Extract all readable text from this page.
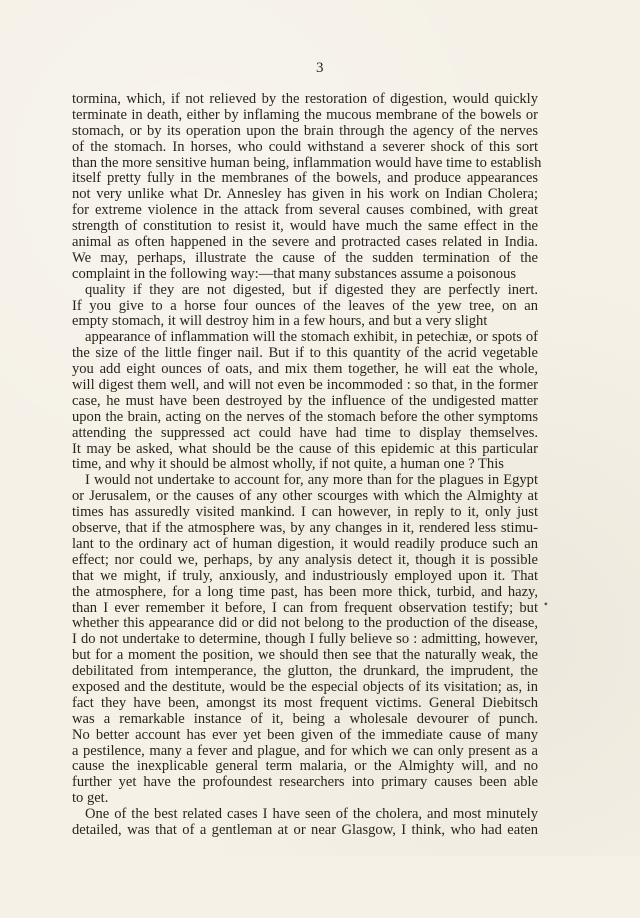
3
tormina, which, if not relieved by the restoration of digestion, would quickly
terminate in death, either by inflaming the mucous membrane of the bowels or
stomach, or by its operation upon the brain through the agency of the nerves
of the stomach. In horses, who could withstand a severer shock of this sort
than the more sensitive human being, inflammation would have time to establish
itself pretty fully in the membranes of the bowels, and produce appearances
not very unlike what Dr. Annesley has given in his work on Indian Cholera;
for extreme violence in the attack from several causes combined, with great
strength of constitution to resist it, would have much the same effect in the
animal as often happened in the severe and protracted cases related in India.
We may, perhaps, illustrate the cause of the sudden termination of the
complaint in the following way:—that many substances assume a poisonous
quality if they are not digested, but if digested they are perfectly inert.
If you give to a horse four ounces of the leaves of the yew tree, on an
empty stomach, it will destroy him in a few hours, and but a very slight
appearance of inflammation will the stomach exhibit, in petechiæ, or spots of
the size of the little finger nail. But if to this quantity of the acrid vegetable
you add eight ounces of oats, and mix them together, he will eat the whole,
will digest them well, and will not even be incommoded : so that, in the former
case, he must have been destroyed by the influence of the undigested matter
upon the brain, acting on the nerves of the stomach before the other symptoms
attending the suppressed act could have had time to display themselves.
It may be asked, what should be the cause of this epidemic at this particular
time, and why it should be almost wholly, if not quite, a human one ? This
I would not undertake to account for, any more than for the plagues in Egypt
or Jerusalem, or the causes of any other scourges with which the Almighty at
times has assuredly visited mankind. I can however, in reply to it, only just
observe, that if the atmosphere was, by any changes in it, rendered less stimu-
lant to the ordinary act of human digestion, it would readily produce such an
effect; nor could we, perhaps, by any analysis detect it, though it is possible
that we might, if truly, anxiously, and industriously employed upon it. That
the atmosphere, for a long time past, has been more thick, turbid, and hazy,
than I ever remember it before, I can from frequent observation testify; but
whether this appearance did or did not belong to the production of the disease,
I do not undertake to determine, though I fully believe so : admitting, however,
but for a moment the position, we should then see that the naturally weak, the
debilitated from intemperance, the glutton, the drunkard, the imprudent, the
exposed and the destitute, would be the especial objects of its visitation; as, in
fact they have been, amongst its most frequent victims. General Diebitsch
was a remarkable instance of it, being a wholesale devourer of punch.
No better account has ever yet been given of the immediate cause of many
a pestilence, many a fever and plague, and for which we can only present as a
cause the inexplicable general term malaria, or the Almighty will, and no
further yet have the profoundest researchers into primary causes been able
to get.
One of the best related cases I have seen of the cholera, and most minutely
detailed, was that of a gentleman at or near Glasgow, I think, who had eaten
•
